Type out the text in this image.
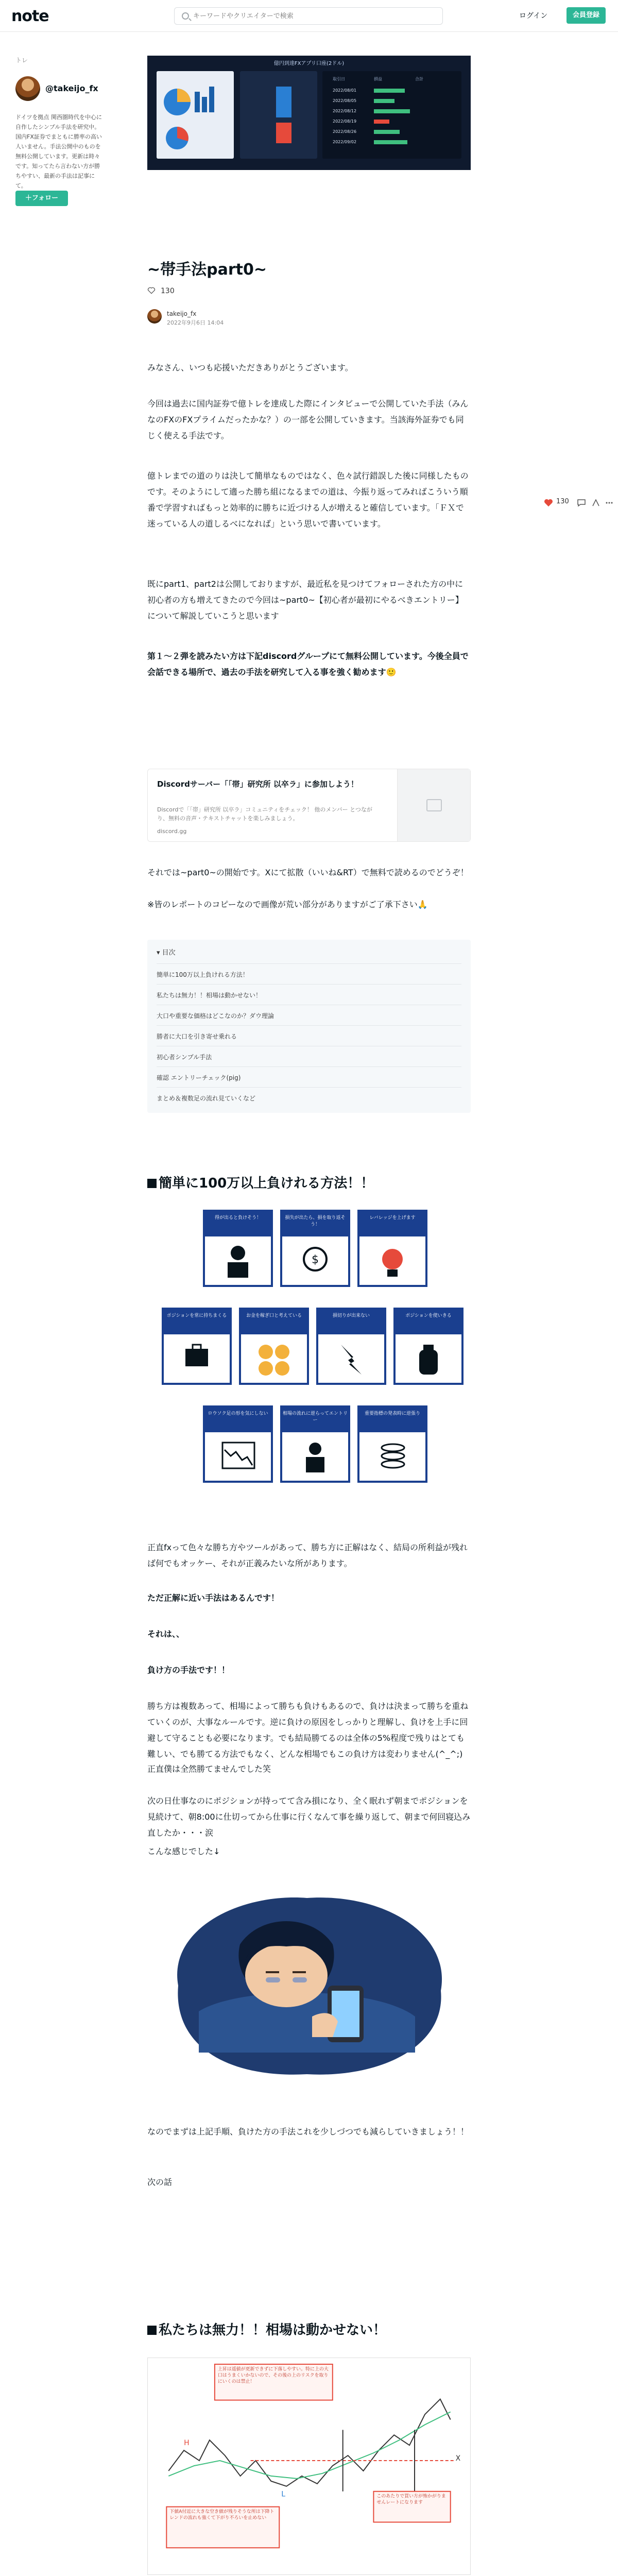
note
キーワードやクリエイターで検索	ログイン	会員登録
トレ
@takeijo_fx
ドイツを拠点 関西圏時代を中心に自作したシンプル手法を研究中。国内FX証券でまともに勝率の高い人いません。手法公開中のものを無料公開しています。更新は時々です。知ってたら言わない方が勝ちやすい、最新の手法は記事にて。
＋フォロー
130
億円到達FXアプリ口座(2ドル)
取引日	損益	合計
2022/08/01
2022/08/05
2022/08/12
2022/08/19
2022/08/26
2022/09/02
~帯手法part0~
130
takeijo_fx
2022年9月6日 14:04
みなさん、いつも応援いただきありがとうございます。
今回は過去に国内証券で億トレを達成した際にインタビューで公開していた手法（みんなのFXのFXプライムだったかな？）の一部を公開していきます。当該海外証券でも同じく使える手法です。
億トレまでの道のりは決して簡単なものではなく、色々試行錯誤した後に同様したものです。そのようにして適った勝ち組になるまでの道は、今振り返ってみればこういう順番で学習すればもっと効率的に勝ちに近づける人が増えると確信しています。「ＦＸで迷っている人の道しるべになれば」という思いで書いています。
既にpart1、part2は公開しておりますが、最近私を見つけてフォローされた方の中に初心者の方も増えてきたので今回は~part0~【初心者が最初にやるべきエントリー】について解説していこうと思います
第１～２弾を読みたい方は下記discordグループにて無料公開しています。今後全員で会話できる場所で、過去の手法を研究して入る事を強く勧めます🙂
Discordサーバー「「帯」研究所 以卒ラ」に参加しよう！
Discordで「「帯」研究所 以卒ラ」コミュニティをチェック！ 他のメンバー とつながり、無料の音声・テキストチャットを楽しみましょう。
discord.gg
それでは~part0~の開始です。Xにて拡散（いいね&RT）で無料で読めるのでどうぞ！
※皆のレポートのコピーなので画像が荒い部分がありますがご了承下さい🙏
▾ 目次
簡単に100万以上負けれる方法！
私たちは無力！！相場は動かせない！
大口や重要な価格はどこなのか？ダウ理論
勝者に大口を引き寄せ乗れる
初心者シンプル手法
確認 エントリーチェック(pig)
まとめ＆複数足の流れ見ていくなど
簡単に100万以上負けれる方法！！
得が出ると負けそう！	損失が出たら、損を取り返そう！
$
レバレッジを上げます
ポジションを常に持ちまくる	お金を稼ぎ口と考えている	損切りが出来ない	ポジションを使いきる
ロウソク足の形を気にしない	相場の流れに逆らってエントリー
重要指標の発表時に逆張り
正直fxって色々な勝ち方やツールがあって、勝ち方に正解はなく、結局の所利益が残れば何でもオッケー、それが正義みたいな所があります。
ただ正解に近い手法はあるんです！
それは、、
負け方の手法です！！
勝ち方は複数あって、相場によって勝ちも負けもあるので、負けは決まって勝ちを重ねていくのが、大事なルールです。逆に負けの原因をしっかりと理解し、負けを上手に回避して守ることも必要になります。でも結局勝てるのは全体の5%程度で残りはとても難しい、でも勝てる方法でもなく、どんな相場でもこの負け方は変わりません(^_^;)
正直僕は全然勝てませんでした笑
次の日仕事なのにポジションが持ってて含み損になり、全く眠れず朝までポジションを見続けて、朝8:00に仕切ってから仕事に行くなんて事を繰り返して、朝まで何回寝込み直したか・・・涙
こんな感じでした↓
なのでまずは上記手順、負けた方の手法これを少しづつでも減らしていきましょう！！
次の話
私たちは無力！！相場は動かせない！
上昇は遥値が更新できずに下落しやすい。特に上の大口はうまくいかないので、その後の上のリスクを取りにいくのは禁止！
下値A付近に大きな空き値が残りそうな所は下降トレンドの流れも強くて下がり不ろいを止めない
このあたりで買い方が怖かがりませんレートになります
H
L
X
